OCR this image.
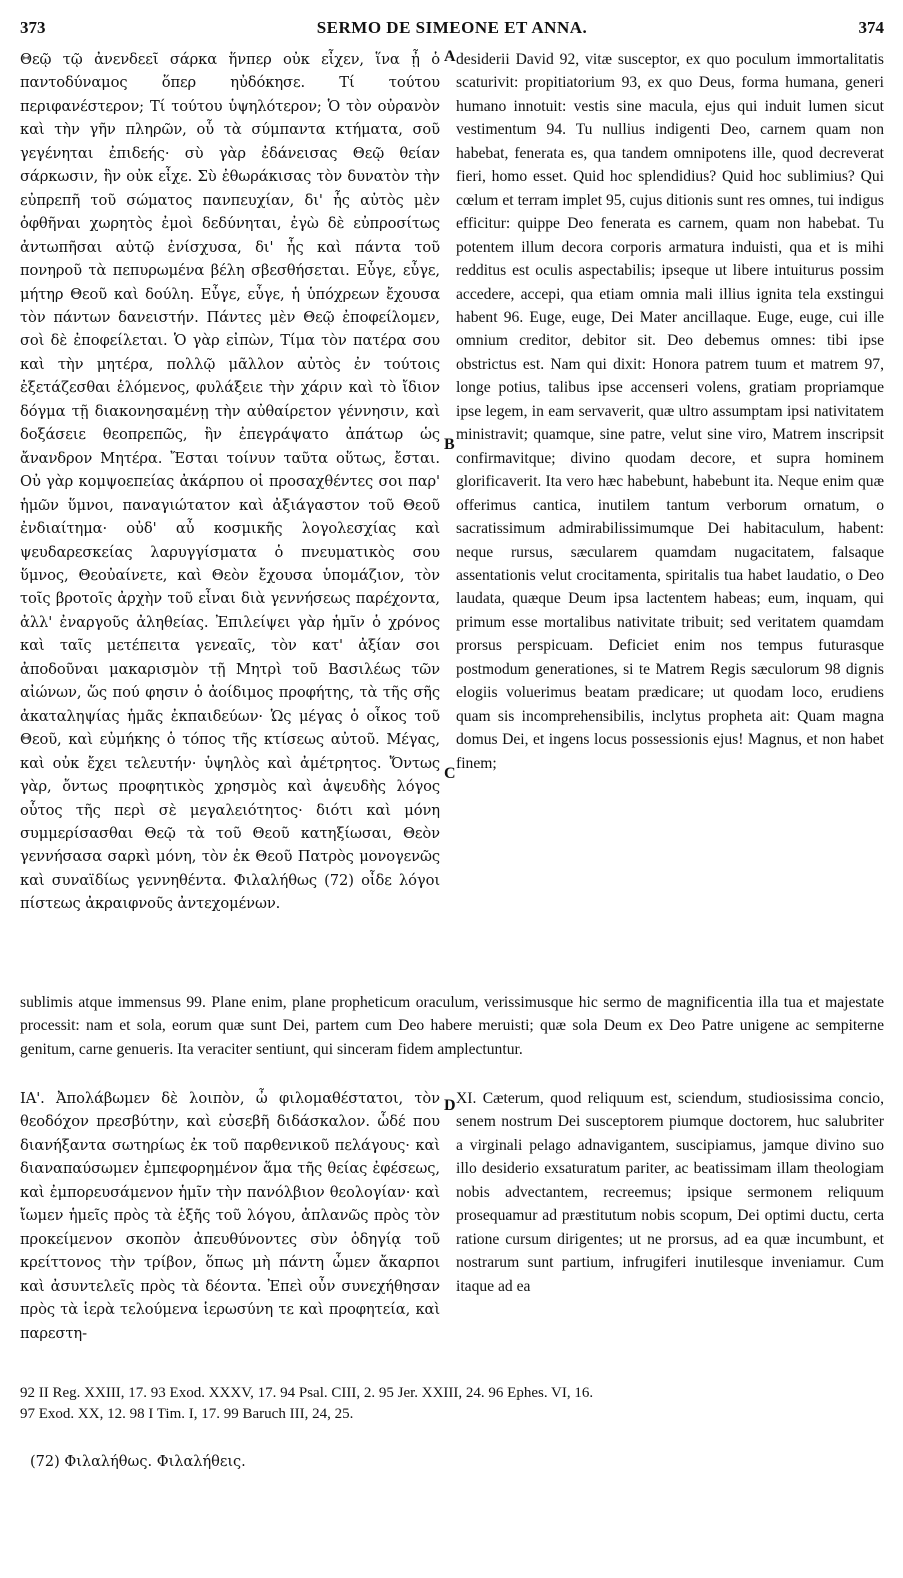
373	SERMO DE SIMEONE ET ANNA.	374

Θεῷ τῷ ἀνενδεεῖ σάρκα ἥνπερ οὐκ εἶχεν, ἵνα ᾖ ὁ παντοδύναμος ὅπερ ηὐδόκησε. Τί τούτου περιφανέστερον; Τί τούτου ὑψηλότερον; Ὁ τὸν οὐρανὸν καὶ τὴν γῆν πληρῶν, οὗ τὰ σύμπαντα κτήματα, σοῦ γεγένηται ἐπιδεής· σὺ γὰρ ἐδάνεισας Θεῷ θείαν σάρκωσιν, ἣν οὐκ εἶχε. Σὺ ἐθωράκισας τὸν δυνατὸν τὴν εὐπρεπῆ τοῦ σώματος πανπευχίαν, δι' ἧς αὐτὸς μὲν ὀφθῆναι χωρητὸς ἐμοὶ δεδύνηται, ἐγὼ δὲ εὐπροσίτως ἀντωπῆσαι αὐτῷ ἐνίσχυσα, δι' ἧς καὶ πάντα τοῦ πονηροῦ τὰ πεπυρωμένα βέλη σβεσθήσεται. Εὖγε, εὖγε, μήτηρ Θεοῦ καὶ δούλη. Εὖγε, εὖγε, ἡ ὑπόχρεων ἔχουσα τὸν πάντων δανειστήν. Πάντες μὲν Θεῷ ἐποφείλομεν, σοὶ δὲ ἐποφείλεται. Ὁ γὰρ εἰπὼν, Τίμα τὸν πατέρα σου καὶ τὴν μητέρα, πολλῷ μᾶλλον αὐτὸς ἐν τούτοις ἐξετάζεσθαι ἑλόμενος, φυλάξειε τὴν χάριν καὶ τὸ ἴδιον δόγμα τῇ διακονησαμένῃ τὴν αὐθαίρετον γέννησιν, καὶ δοξάσειε θεοπρεπῶς, ἣν ἐπεγράψατο ἀπάτωρ ὡς ἄνανδρον Μητέρα. Ἔσται τοίνυν ταῦτα οὕτως, ἔσται. Οὐ γὰρ κομψοεπείας ἀκάρπου οἱ προσαχθέντες σοι παρ' ἡμῶν ὕμνοι, παναγιώτατον καὶ ἀξιάγαστον τοῦ Θεοῦ ἐνδιαίτημα· οὐδ' αὖ κοσμικῆς λογολεσχίας καὶ ψευδαρεσκείας λαρυγγίσματα ὁ πνευματικὸς σου ὕμνος, Θεοὐαίνετε, καὶ Θεὸν ἔχουσα ὑπομάζιον, τὸν τοῖς βροτοῖς ἀρχὴν τοῦ εἶναι διὰ γεννήσεως παρέχοντα, ἀλλ' ἐναργοῦς ἀληθείας. Ἐπιλείψει γὰρ ἡμῖν ὁ χρόνος καὶ ταῖς μετέπειτα γενεαῖς, τὸν κατ' ἀξίαν σοι ἀποδοῦναι μακαρισμὸν τῇ Μητρὶ τοῦ Βασιλέως τῶν αἰώνων, ὥς πού φησιν ὁ ἀοίδιμος προφήτης, τὰ τῆς σῆς ἀκαταληψίας ἡμᾶς ἐκπαιδεύων· Ὡς μέγας ὁ οἶκος τοῦ Θεοῦ, καὶ εὐμήκης ὁ τόπος τῆς κτίσεως αὐτοῦ. Μέγας, καὶ οὐκ ἔχει τελευτήν· ὑψηλὸς καὶ ἀμέτρητος. Ὄντως γὰρ, ὄντως προφητικὸς χρησμὸς καὶ ἀψευδὴς λόγος οὗτος τῆς περὶ σὲ μεγαλειότητος· διότι καὶ μόνη συμμερίσασθαι Θεῷ τὰ τοῦ Θεοῦ κατηξίωσαι, Θεὸν γεννήσασα σαρκὶ μόνη, τὸν ἐκ Θεοῦ Πατρὸς μονογενῶς καὶ συναϊδίως γεννηθέντα. Φιλαλήθως (72) οἶδε λόγοι πίστεως ἀκραιφνοῦς ἀντεχομένων.

A
B
C
D

desiderii David 92, vitæ susceptor, ex quo poculum immortalitatis scaturivit: propitiatorium 93, ex quo Deus, forma humana, generi humano innotuit: vestis sine macula, ejus qui induit lumen sicut vestimentum 94. Tu nullius indigenti Deo, carnem quam non habebat, fenerata es, qua tandem omnipotens ille, quod decreverat fieri, homo esset. Quid hoc splendidius? Quid hoc sublimius? Qui cœlum et terram implet 95, cujus ditionis sunt res omnes, tui indigus efficitur: quippe Deo fenerata es carnem, quam non habebat. Tu potentem illum decora corporis armatura induisti, qua et is mihi redditus est oculis aspectabilis; ipseque ut libere intuiturus possim accedere, accepi, qua etiam omnia mali illius ignita tela exstingui habent 96. Euge, euge, Dei Mater ancillaque. Euge, euge, cui ille omnium creditor, debitor sit. Deo debemus omnes: tibi ipse obstrictus est. Nam qui dixit: Honora patrem tuum et matrem 97, longe potius, talibus ipse accenseri volens, gratiam propriamque ipse legem, in eam servaverit, quæ ultro assumptam ipsi nativitatem ministravit; quamque, sine patre, velut sine viro, Matrem inscripsit confirmavitque; divino quodam decore, et supra hominem glorificaverit. Ita vero hæc habebunt, habebunt ita. Neque enim quæ offerimus cantica, inutilem tantum verborum ornatum, o sacratissimum admirabilissimumque Dei habitaculum, habent: neque rursus, sæcularem quamdam nugacitatem, falsaque assentationis velut crocitamenta, spiritalis tua habet laudatio, o Deo laudata, quæque Deum ipsa lactentem habeas; eum, inquam, qui primum esse mortalibus nativitate tribuit; sed veritatem quamdam prorsus perspicuam. Deficiet enim nos tempus futurasque postmodum generationes, si te Matrem Regis sæculorum 98 dignis elogiis voluerimus beatam prædicare; ut quodam loco, erudiens quam sis incomprehensibilis, inclytus propheta ait: Quam magna domus Dei, et ingens locus possessionis ejus! Magnus, et non habet finem;

sublimis atque immensus 99. Plane enim, plane propheticum oraculum, verissimusque hic sermo de magnificentia illa tua et majestate processit: nam et sola, eorum quæ sunt Dei, partem cum Deo habere meruisti; quæ sola Deum ex Deo Patre unigene ac sempiterne genitum, carne genueris. Ita veraciter sentiunt, qui sinceram fidem amplectuntur.

ΙΑ'. Ἀπολάβωμεν δὲ λοιπὸν, ὦ φιλομαθέστατοι, τὸν θεοδόχον πρεσβύτην, καὶ εὐσεβῆ διδάσκαλον. ὧδέ που διανήξαντα σωτηρίως ἐκ τοῦ παρθενικοῦ πελάγους· καὶ διαναπαύσωμεν ἐμπεφορημένον ἅμα τῆς θείας ἐφέσεως, καὶ ἐμπορευσάμενον ἡμῖν τὴν πανόλβιον θεολογίαν· καὶ ἴωμεν ἡμεῖς πρὸς τὰ ἑξῆς τοῦ λόγου, ἀπλανῶς πρὸς τὸν προκείμενον σκοπὸν ἀπευθύνοντες σὺν ὁδηγίᾳ τοῦ κρείττονος τὴν τρίβον, ὅπως μὴ πάντη ὦμεν ἄκαρποι καὶ ἀσυντελεῖς πρὸς τὰ δέοντα. Ἐπεὶ οὖν συνεχήθησαν πρὸς τὰ ἱερὰ τελούμενα ἱερωσύνη τε καὶ προφητεία, καὶ παρεστη-

XI. Cæterum, quod reliquum est, sciendum, studiosissima concio, senem nostrum Dei susceptorem piumque doctorem, huc salubriter a virginali pelago adnavigantem, suscipiamus, jamque divino suo illo desiderio exsaturatum pariter, ac beatissimam illam theologiam nobis advectantem, recreemus; ipsique sermonem reliquum prosequamur ad præstitutum nobis scopum, Dei optimi ductu, certa ratione cursum dirigentes; ut ne prorsus, ad ea quæ incumbunt, et nostrarum sunt partium, infrugiferi inutilesque inveniamur. Cum itaque ad ea

92 II Reg. XXIII, 17. 93 Exod. XXXV, 17. 94 Psal. CIII, 2. 95 Jer. XXIII, 24. 96 Ephes. VI, 16.
97 Exod. XX, 12. 98 I Tim. I, 17. 99 Baruch III, 24, 25.
(72) Φιλαλήθως. Φιλαλήθεις.
